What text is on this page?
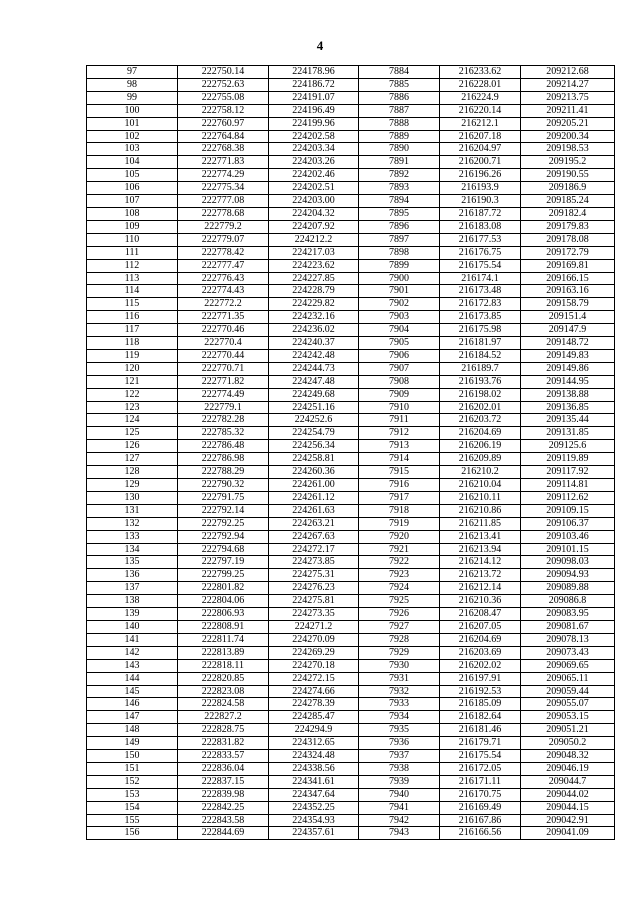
4
97	222750.14	224178.96	7884	216233.62	209212.68
98	222752.63	224186.72	7885	216228.01	209214.27
99	222755.08	224191.07	7886	216224.9	209213.75
100	222758.12	224196.49	7887	216220.14	209211.41
101	222760.97	224199.96	7888	216212.1	209205.21
102	222764.84	224202.58	7889	216207.18	209200.34
103	222768.38	224203.34	7890	216204.97	209198.53
104	222771.83	224203.26	7891	216200.71	209195.2
105	222774.29	224202.46	7892	216196.26	209190.55
106	222775.34	224202.51	7893	216193.9	209186.9
107	222777.08	224203.00	7894	216190.3	209185.24
108	222778.68	224204.32	7895	216187.72	209182.4
109	222779.2	224207.92	7896	216183.08	209179.83
110	222779.07	224212.2	7897	216177.53	209178.08
111	222778.42	224217.03	7898	216176.75	209172.79
112	222777.47	224223.62	7899	216175.54	209169.81
113	222776.43	224227.85	7900	216174.1	209166.15
114	222774.43	224228.79	7901	216173.48	209163.16
115	222772.2	224229.82	7902	216172.83	209158.79
116	222771.35	224232.16	7903	216173.85	209151.4
117	222770.46	224236.02	7904	216175.98	209147.9
118	222770.4	224240.37	7905	216181.97	209148.72
119	222770.44	224242.48	7906	216184.52	209149.83
120	222770.71	224244.73	7907	216189.7	209149.86
121	222771.82	224247.48	7908	216193.76	209144.95
122	222774.49	224249.68	7909	216198.02	209138.88
123	222779.1	224251.16	7910	216202.01	209136.85
124	222782.28	224252.6	7911	216203.72	209135.44
125	222785.32	224254.79	7912	216204.69	209131.85
126	222786.48	224256.34	7913	216206.19	209125.6
127	222786.98	224258.81	7914	216209.89	209119.89
128	222788.29	224260.36	7915	216210.2	209117.92
129	222790.32	224261.00	7916	216210.04	209114.81
130	222791.75	224261.12	7917	216210.11	209112.62
131	222792.14	224261.63	7918	216210.86	209109.15
132	222792.25	224263.21	7919	216211.85	209106.37
133	222792.94	224267.63	7920	216213.41	209103.46
134	222794.68	224272.17	7921	216213.94	209101.15
135	222797.19	224273.85	7922	216214.12	209098.03
136	222799.25	224275.31	7923	216213.72	209094.93
137	222801.82	224276.23	7924	216212.14	209089.88
138	222804.06	224275.81	7925	216210.36	209086.8
139	222806.93	224273.35	7926	216208.47	209083.95
140	222808.91	224271.2	7927	216207.05	209081.67
141	222811.74	224270.09	7928	216204.69	209078.13
142	222813.89	224269.29	7929	216203.69	209073.43
143	222818.11	224270.18	7930	216202.02	209069.65
144	222820.85	224272.15	7931	216197.91	209065.11
145	222823.08	224274.66	7932	216192.53	209059.44
146	222824.58	224278.39	7933	216185.09	209055.07
147	222827.2	224285.47	7934	216182.64	209053.15
148	222828.75	224294.9	7935	216181.46	209051.21
149	222831.82	224312.65	7936	216179.71	209050.2
150	222833.57	224324.48	7937	216175.54	209048.32
151	222836.04	224338.56	7938	216172.05	209046.19
152	222837.15	224341.61	7939	216171.11	209044.7
153	222839.98	224347.64	7940	216170.75	209044.02
154	222842.25	224352.25	7941	216169.49	209044.15
155	222843.58	224354.93	7942	216167.86	209042.91
156	222844.69	224357.61	7943	216166.56	209041.09
